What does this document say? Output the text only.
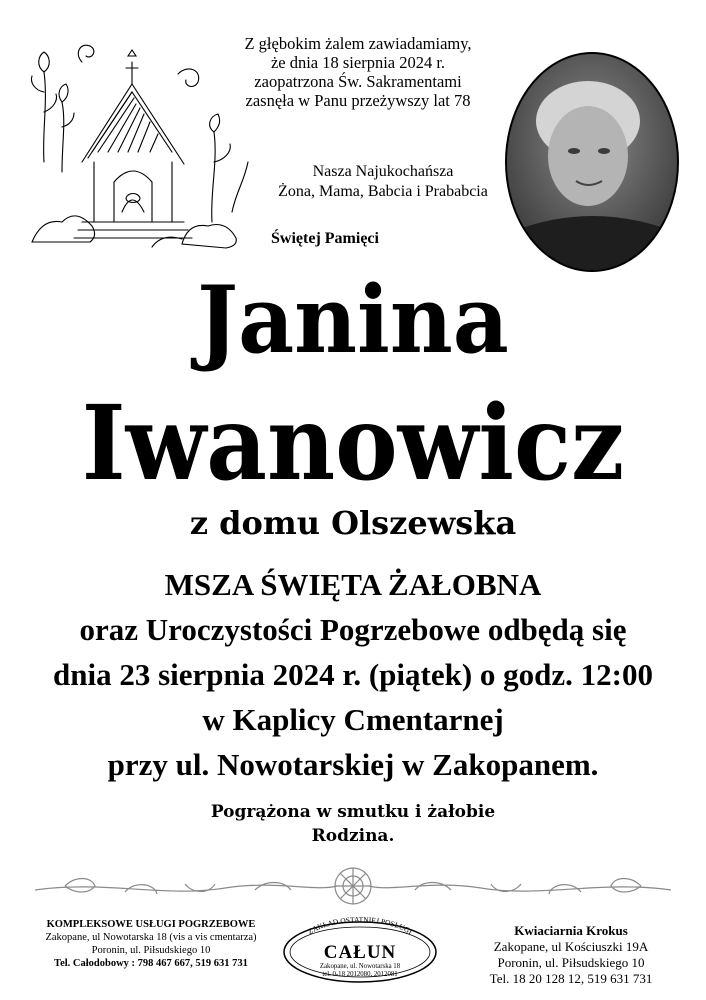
Z głębokim żalem zawiadamiamy,
że dnia 18 sierpnia 2024 r.
zaopatrzona Św. Sakramentami
zasnęła w Panu przeżywszy lat 78
Nasza Najukochańsza
Żona, Mama, Babcia i Prababcia
Świętej Pamięci
Janina
Iwanowicz
z domu Olszewska
MSZA ŚWIĘTA ŻAŁOBNA
oraz Uroczystości Pogrzebowe odbędą się
dnia 23 sierpnia 2024 r. (piątek) o godz. 12:00
w Kaplicy Cmentarnej
przy ul. Nowotarskiej w Zakopanem.
Pogrążona w smutku i żałobie
Rodzina.
KOMPLEKSOWE USŁUGI POGRZEBOWE
Zakopane, ul Nowotarska 18 (vis a vis cmentarza)
Poronin, ul. Piłsudskiego 10
Tel. Całodobowy : 798 467 667, 519 631 731
ZAKŁAD OSTATNIEJ POSŁUGI
CAŁUN
Zakopane, ul. Nowotarska 18
tel. 0-18 2012080, 2012081
Kwiaciarnia Krokus
Zakopane, ul Kościuszki 19A
Poronin, ul. Piłsudskiego 10
Tel. 18 20 128 12, 519 631 731
